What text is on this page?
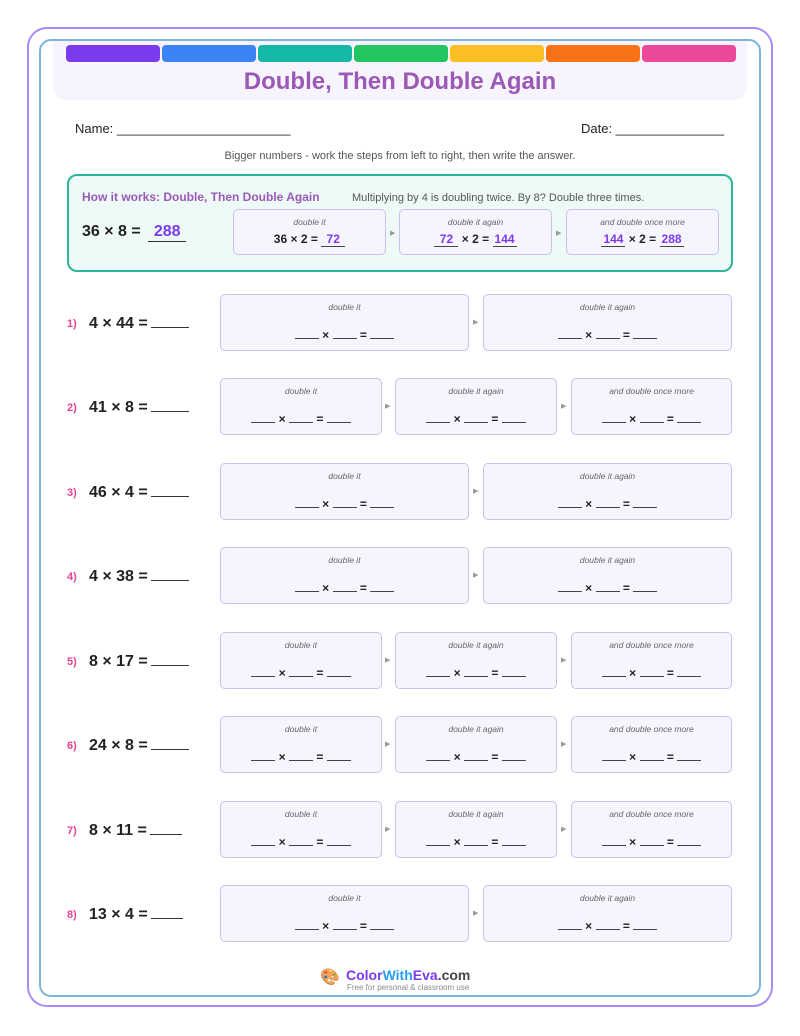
Double, Then Double Again
Name: ________________________	Date: _______________
Bigger numbers - work the steps from left to right, then write the answer.
How it works: Double, Then Double Again	Multiplying by 4 is doubling twice. By 8? Double three times.
36 × 8 = 288
double it
36 × 2 = 72	▶
double it again
72 × 2 = 144	▶
and double once more
144 × 2 = 288
1) 4 × 44 =
double it
×  =
▶
double it again
×  =
2) 41 × 8 =
double it
×  =
▶
double it again
×  =
▶
and double once more
×  =
3) 46 × 4 =
double it
×  =
▶
double it again
×  =
4) 4 × 38 =
double it
×  =
▶
double it again
×  =
5) 8 × 17 =
double it
×  =
▶
double it again
×  =
▶
and double once more
×  =
6) 24 × 8 =
double it
×  =
▶
double it again
×  =
▶
and double once more
×  =
7) 8 × 11 =
double it
×  =
▶
double it again
×  =
▶
and double once more
×  =
8) 13 × 4 =
double it
×  =
▶
double it again
×  =
🎨 ColorWithEva.com
Free for personal & classroom use
